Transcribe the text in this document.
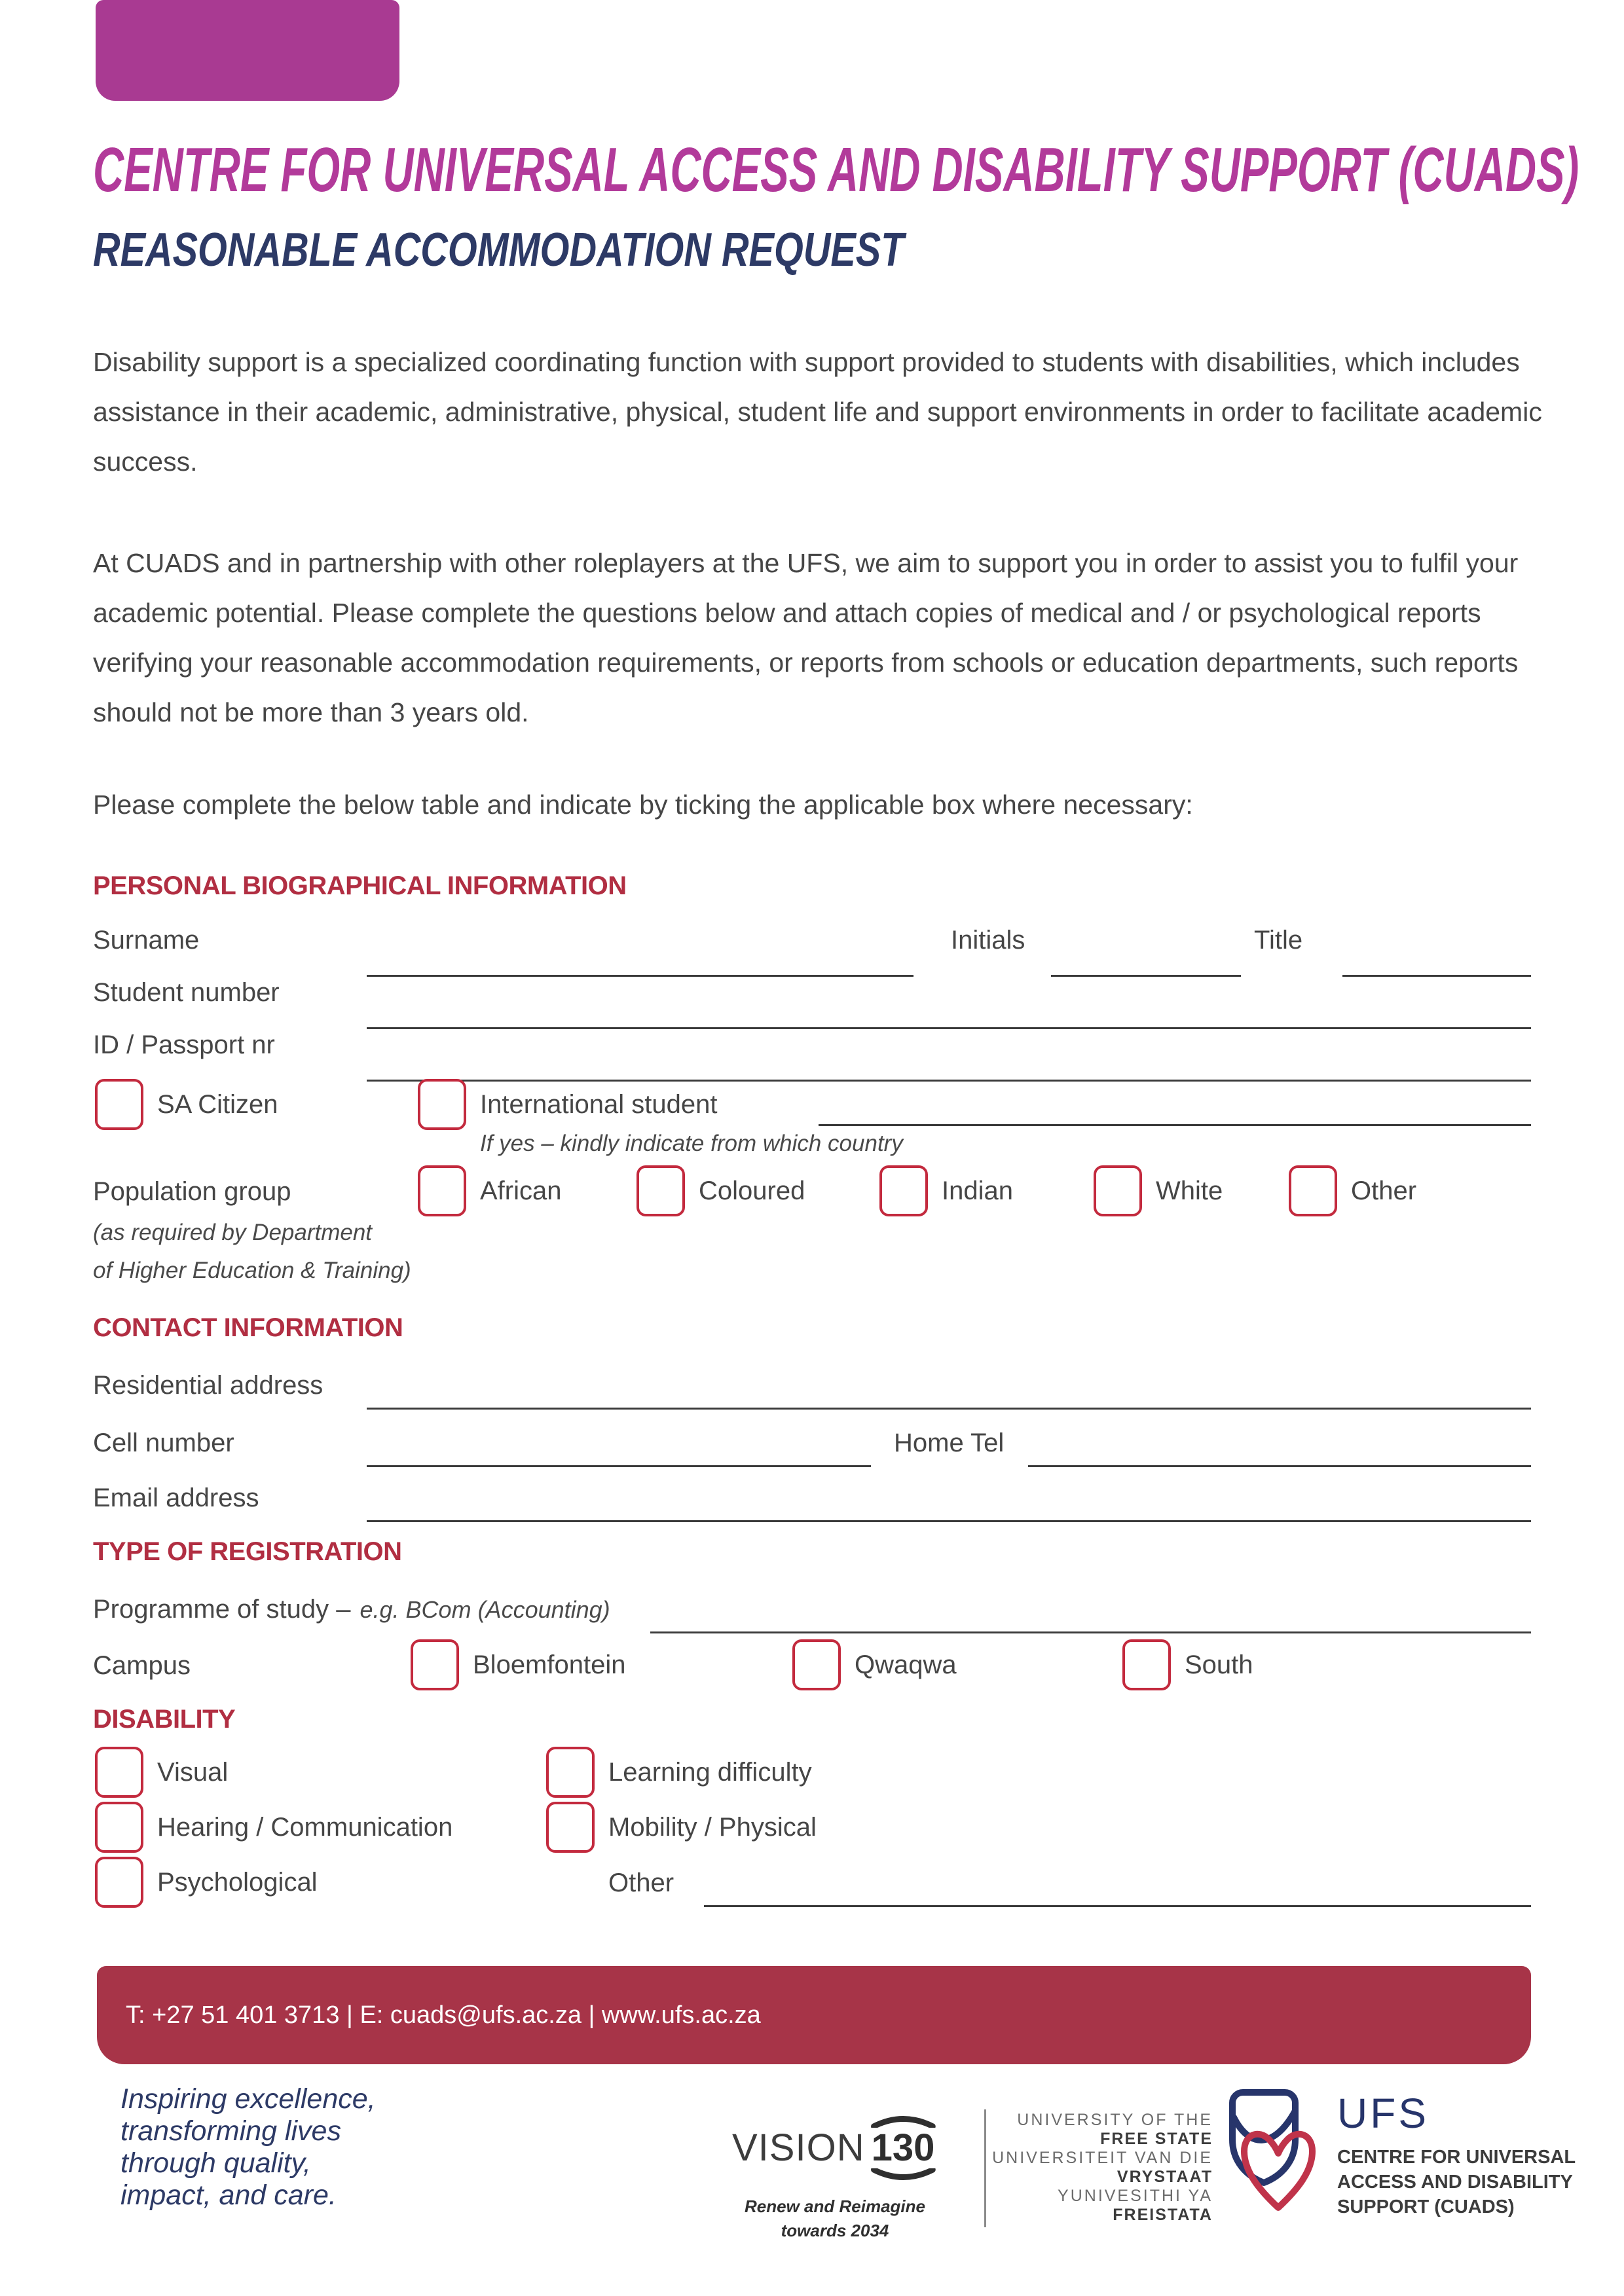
CENTRE FOR UNIVERSAL ACCESS AND DISABILITY SUPPORT (CUADS)
REASONABLE ACCOMMODATION REQUEST
Disability support is a specialized coordinating function with support provided to students with disabilities, which includes assistance in their academic, administrative, physical, student life and support environments in order to facilitate academic success.
At CUADS and in partnership with other roleplayers at the UFS, we aim to support you in order to assist you to fulfil your academic potential. Please complete the questions below and attach copies of medical and / or psychological reports verifying your reasonable accommodation requirements, or reports from schools or education departments, such reports should not be more than 3 years old.
Please complete the below table and indicate by ticking the applicable box where necessary:
PERSONAL BIOGRAPHICAL INFORMATION
Surname	Initials	Title
Student number
ID / Passport nr
SA Citizen	International student
If yes – kindly indicate from which country
Population group	African	Coloured	Indian	White	Other
(as required by Department
of Higher Education & Training)
CONTACT INFORMATION
Residential address
Cell number	Home Tel
Email address
TYPE OF REGISTRATION
Programme of study – e.g. BCom (Accounting)
Campus	Bloemfontein	Qwaqwa	South
DISABILITY
Visual	Learning difficulty
Hearing / Communication	Mobility / Physical
Psychological	Other
T: +27 51 401 3713 | E: cuads@ufs.ac.za | www.ufs.ac.za
Inspiring excellence,
transforming lives
through quality,
impact, and care.
VISION 130
Renew and Reimagine
towards 2034
UNIVERSITY OF THE
FREE STATE
UNIVERSITEIT VAN DIE
VRYSTAAT
YUNIVESITHI YA
FREISTATA
UFS
CENTRE FOR UNIVERSAL
ACCESS AND DISABILITY
SUPPORT (CUADS)
